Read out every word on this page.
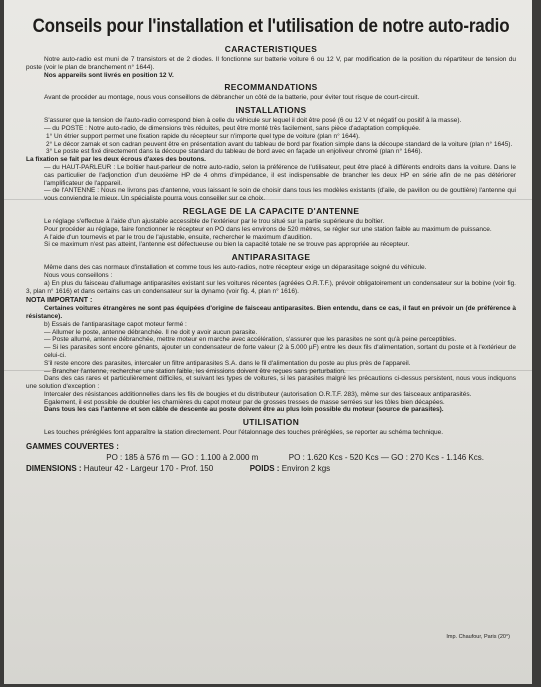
Conseils pour l'installation et l'utilisation de notre auto-radio
CARACTERISTIQUES

Notre auto-radio est muni de 7 transistors et de 2 diodes. Il fonctionne sur batterie voiture 6 ou 12 V, par modification de la position du répartiteur de tension du poste (voir le plan de branchement n° 1644).

Nos appareils sont livrés en position 12 V.

RECOMMANDATIONS

Avant de procéder au montage, nous vous conseillons de débrancher un côté de la batterie, pour éviter tout risque de court-circuit.

INSTALLATIONS

S'assurer que la tension de l'auto-radio correspond bien à celle du véhicule sur lequel il doit être posé (6 ou 12 V et négatif ou positif à la masse).

— du POSTE : Notre auto-radio, de dimensions très réduites, peut être monté très facilement, sans pièce d'adaptation compliquée.

1° Un étrier support permet une fixation rapide du récepteur sur n'importe quel type de voiture (plan n° 1644).

2° Le décor zamak et son cadran peuvent être en présentation avant du tableau de bord par fixation simple dans la découpe standard de la voiture (plan n° 1645).

3° Le poste est fixé directement dans la découpe standard du tableau de bord avec en façade un enjoliveur chromé (plan n° 1646).

La fixation se fait par les deux écrous d'axes des boutons.

— du HAUT-PARLEUR : Le boîtier haut-parleur de notre auto-radio, selon la préférence de l'utilisateur, peut être placé à différents endroits dans la voiture. Dans le cas particulier de l'adjonction d'un deuxième HP de 4 ohms d'impédance, il est indispensable de brancher les deux HP en série afin de ne pas détériorer l'amplificateur de l'appareil.

— de l'ANTENNE : Nous ne livrons pas d'antenne, vous laissant le soin de choisir dans tous les modèles existants (d'aile, de pavillon ou de gouttière) l'antenne qui vous conviendra le mieux. Un spécialiste pourra vous conseiller sur ce choix.

REGLAGE DE LA CAPACITE D'ANTENNE

Le réglage s'effectue à l'aide d'un ajustable accessible de l'extérieur par le trou situé sur la partie supérieure du boîtier.

Pour procéder au réglage, faire fonctionner le récepteur en PO dans les environs de 520 mètres, se régler sur une station faible au maximum de puissance.

A l'aide d'un tournevis et par le trou de l'ajustable, ensuite, rechercher le maximum d'audition.

Si ce maximum n'est pas atteint, l'antenne est défectueuse ou bien la capacité totale ne se trouve pas appropriée au récepteur.

ANTIPARASITAGE

Même dans des cas normaux d'installation et comme tous les auto-radios, notre récepteur exige un déparasitage soigné du véhicule.

Nous vous conseillons :

a) En plus du faisceau d'allumage antiparasites existant sur les voitures récentes (agréées O.R.T.F.), prévoir obligatoirement un condensateur sur la bobine (voir fig. 3, plan n° 1616) et dans certains cas un condensateur sur la dynamo (voir fig. 4, plan n° 1616).

NOTA IMPORTANT :

Certaines voitures étrangères ne sont pas équipées d'origine de faisceau antiparasites. Bien entendu, dans ce cas, il faut en prévoir un (de préférence à résistance).

b) Essais de l'antiparasitage capot moteur fermé :

— Allumer le poste, antenne débranchée. Il ne doit y avoir aucun parasite.

— Poste allumé, antenne débranchée, mettre moteur en marche avec accélération, s'assurer que les parasites ne sont qu'à peine perceptibles.

— Si les parasites sont encore gênants, ajouter un condensateur de forte valeur (2 à 5.000 µF) entre les deux fils d'alimentation, sortant du poste et à l'extérieur de celui-ci.

S'il reste encore des parasites, intercaler un filtre antiparasites S.A. dans le fil d'alimentation du poste au plus près de l'appareil.

— Brancher l'antenne, rechercher une station faible, les émissions doivent être reçues sans perturbation.

Dans des cas rares et particulièrement difficiles, et suivant les types de voitures, si les parasites malgré les précautions ci-dessus persistent, nous vous indiquons une solution d'exception :

Intercaler des résistances additionnelles dans les fils de bougies et du distributeur (autorisation O.R.T.F. 283), même sur des faisceaux antiparasités.

Egalement, il est possible de doubler les charnières du capot moteur par de grosses tresses de masse serrées sur les tôles bien décapées.

Dans tous les cas l'antenne et son câble de descente au poste doivent être au plus loin possible du moteur (source de parasites).

UTILISATION

Les touches préréglées font apparaître la station directement. Pour l'étalonnage des touches préréglées, se reporter au schéma technique.

GAMMES COUVERTES :

PO : 185 à 576 m — GO : 1.100 à 2.000 m	PO : 1.620 Kcs - 520 Kcs — GO : 270 Kcs - 1.146 Kcs.

DIMENSIONS : Hauteur 42 - Largeur 170 - Prof. 150	POIDS : Environ 2 kgs

Imp. Chaufour, Paris (20°)
